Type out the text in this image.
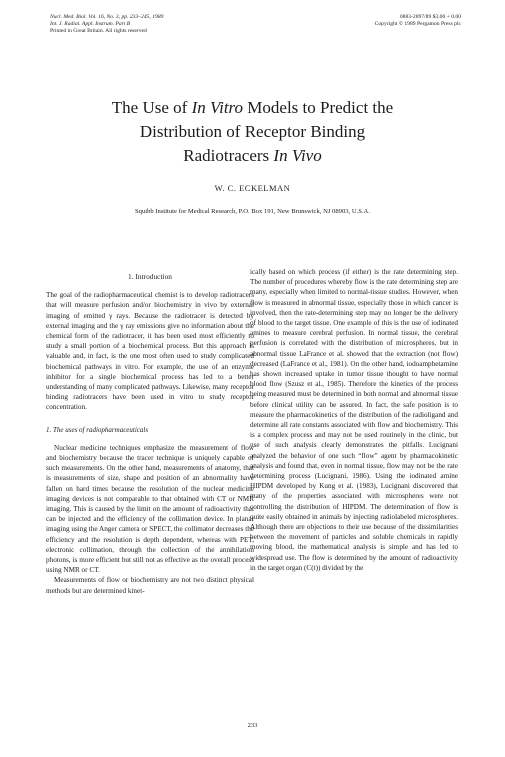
Nucl. Med. Biol. Vol. 16, No. 3, pp. 233–245, 1989
Int. J. Radiat. Appl. Instrum. Part B
Printed in Great Britain. All rights reserved
0883-2897/89 $3.00 + 0.00
Copyright © 1989 Pergamon Press plc
The Use of In Vitro Models to Predict the
Distribution of Receptor Binding
Radiotracers In Vivo
W. C. ECKELMAN
Squibb Institute for Medical Research, P.O. Box 191, New Brunswick, NJ 08903, U.S.A.
1. Introduction

The goal of the radiopharmaceutical chemist is to develop radiotracers that will measure perfusion and/or biochemistry in vivo by external imaging of emitted γ rays. Because the radiotracer is detected by external imaging and the γ ray emissions give no information about the chemical form of the radiotracer, it has been used most efficiently to study a small portion of a biochemical process. But this approach is valuable and, in fact, is the one most often used to study complicated biochemical pathways in vitro. For example, the use of an enzyme inhibitor for a single biochemical process has led to a better understanding of many complicated pathways. Likewise, many receptor binding radiotracers have been used in vitro to study receptor concentration.

1. The uses of radiopharmaceuticals

Nuclear medicine techniques emphasize the measurement of flow and biochemistry because the tracer technique is uniquely capable of such measurements. On the other hand, measurements of anatomy, that is measurements of size, shape and position of an abnormality have fallen on hard times because the resolution of the nuclear medicine imaging devices is not comparable to that obtained with CT or NMR imaging. This is caused by the limit on the amount of radioactivity that can be injected and the efficiency of the collimation device. In planar imaging using the Anger camera or SPECT, the collimator decreases the efficiency and the resolution is depth dependent, whereas with PET, electronic collimation, through the collection of the annihilation photons, is more efficient but still not as effective as the overall process using NMR or CT.

Measurements of flow or biochemistry are not two distinct physical methods but are determined kinet-

ically based on which process (if either) is the rate determining step. The number of procedures whereby flow is the rate determining step are many, especially when limited to normal-tissue studies. However, when flow is measured in abnormal tissue, especially those in which cancer is involved, then the rate-determining step may no longer be the delivery of blood to the target tissue. One example of this is the use of iodinated amines to measure cerebral perfusion. In normal tissue, the cerebral perfusion is correlated with the distribution of microspheres, but in abnormal tissue LaFrance et al. showed that the extraction (not flow) decreased (LaFrance et al., 1981). On the other hand, iodoamphetamine has shown increased uptake in tumor tissue thought to have normal blood flow (Szusz et al., 1985). Therefore the kinetics of the process being measured must be determined in both normal and abnormal tissue before clinical utility can be assured. In fact, the safe position is to measure the pharmacokinetics of the distribution of the radioligand and determine all rate constants associated with flow and biochemistry. This is a complex process and may not be used routinely in the clinic, but use of such analysis clearly demonstrates the pitfalls. Lucignani analyzed the behavior of one such “flow” agent by pharmacokinetic analysis and found that, even in normal tissue, flow may not be the rate determining process (Lucignani, 1986). Using the iodinated amine HIPDM developed by Kung et al. (1983), Lucignani discovered that many of the properties associated with microspheres were not controlling the distribution of HIPDM. The determination of flow is quite easily obtained in animals by injecting radiolabeled microspheres. Although there are objections to their use because of the dissimilarities between the movement of particles and soluble chemicals in rapidly moving blood, the mathematical analysis is simple and has led to widespread use. The flow is determined by the amount of radioactivity in the target organ (C(t)) divided by the

233
